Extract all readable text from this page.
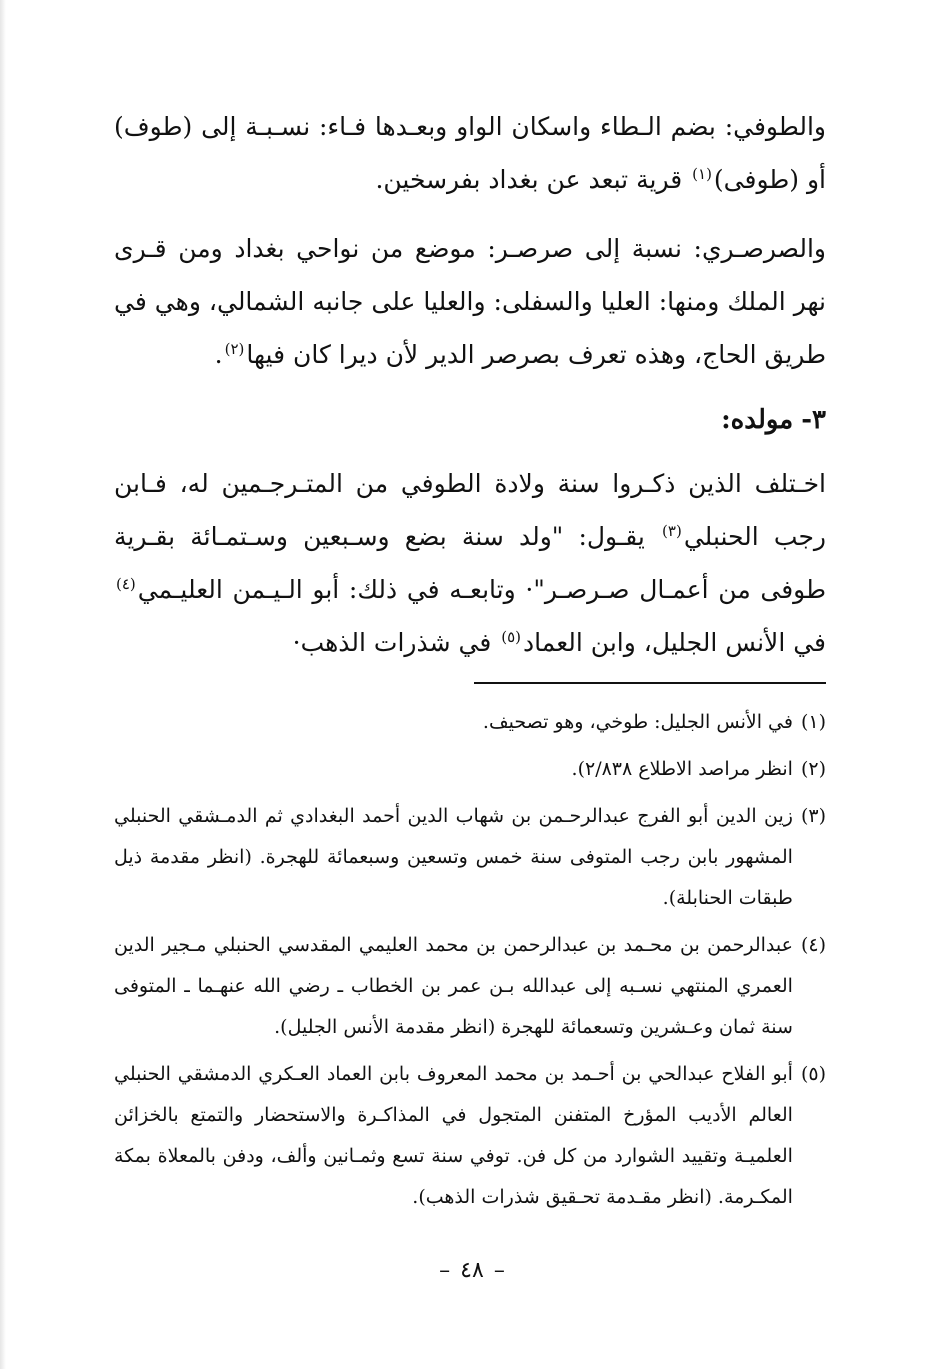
والطوفي: بضم الـطاء واسكان الواو وبعـدها فـاء: نسـبـة إلى (طوف) أو (طوفى)$^{(١)}$ قرية تبعد عن بغداد بفرسخين.

والصرصـري: نسبة إلى صرصـر: موضع من نواحي بغداد ومن قـرى نهر الملك ومنها: العليا والسفلى: والعليا على جانبه الشمالي، وهي في طريق الحاج، وهذه تعرف بصرصر الدير لأن ديرا كان فيها$^{(٢)}$.

٣-مولده:

اخـتلف الذين ذكـروا سنة ولادة الطوفي من المتـرجـمين له، فـابن رجب الحنبلي$^{(٣)}$ يقـول: "ولد سنة بضع وسـبعين وسـتمـائة بقـرية طوفى من أعمـال صـرصـر"· وتابعـه في ذلك: أبو الـيـمن العليـمي$^{(٤)}$ في الأنس الجليل، وابن العماد$^{(٥)}$ في شذرات الذهب·

(١)
في الأنس الجليل: طوخي، وهو تصحيف.
(٢)
انظر مراصد الاطلاع ٢/٨٣٨).
(٣)
زين الدين أبو الفرج عبدالرحـمن بن شهاب الدين أحمد البغدادي ثم الدمـشقي الحنبلي المشهور بابن رجب المتوفى سنة خمس وتسعين وسبعمائة للهجرة. (انظر مقدمة ذيل طبقات الحنابلة).
(٤)
عبدالرحمن بن محـمد بن عبدالرحمن بن محمد العليمي المقدسي الحنبلي مـجير الدين العمري المنتهي نسـبه إلى عبدالله بـن عمر بن الخطاب ـ رضي الله عنهـما ـ المتوفى سنة ثمان وعـشرين وتسعمائة للهجرة (انظر مقدمة الأنس الجليل).
(٥)
أبو الفلاح عبدالحي بن أحـمد بن محمد المعروف بابن العماد العـكري الدمشقي الحنبلي العالم الأديب المؤرخ المتفنن المتجول في المذاكـرة والاستحضار والتمتع بالخزائن العلميـة وتقييد الشوارد من كل فن. توفي سنة تسع وثمـانين وألف، ودفن بالمعلاة بمكة المكـرمة. (انظر مقـدمة تحـقيق شذرات الذهب).
–٤٨–
